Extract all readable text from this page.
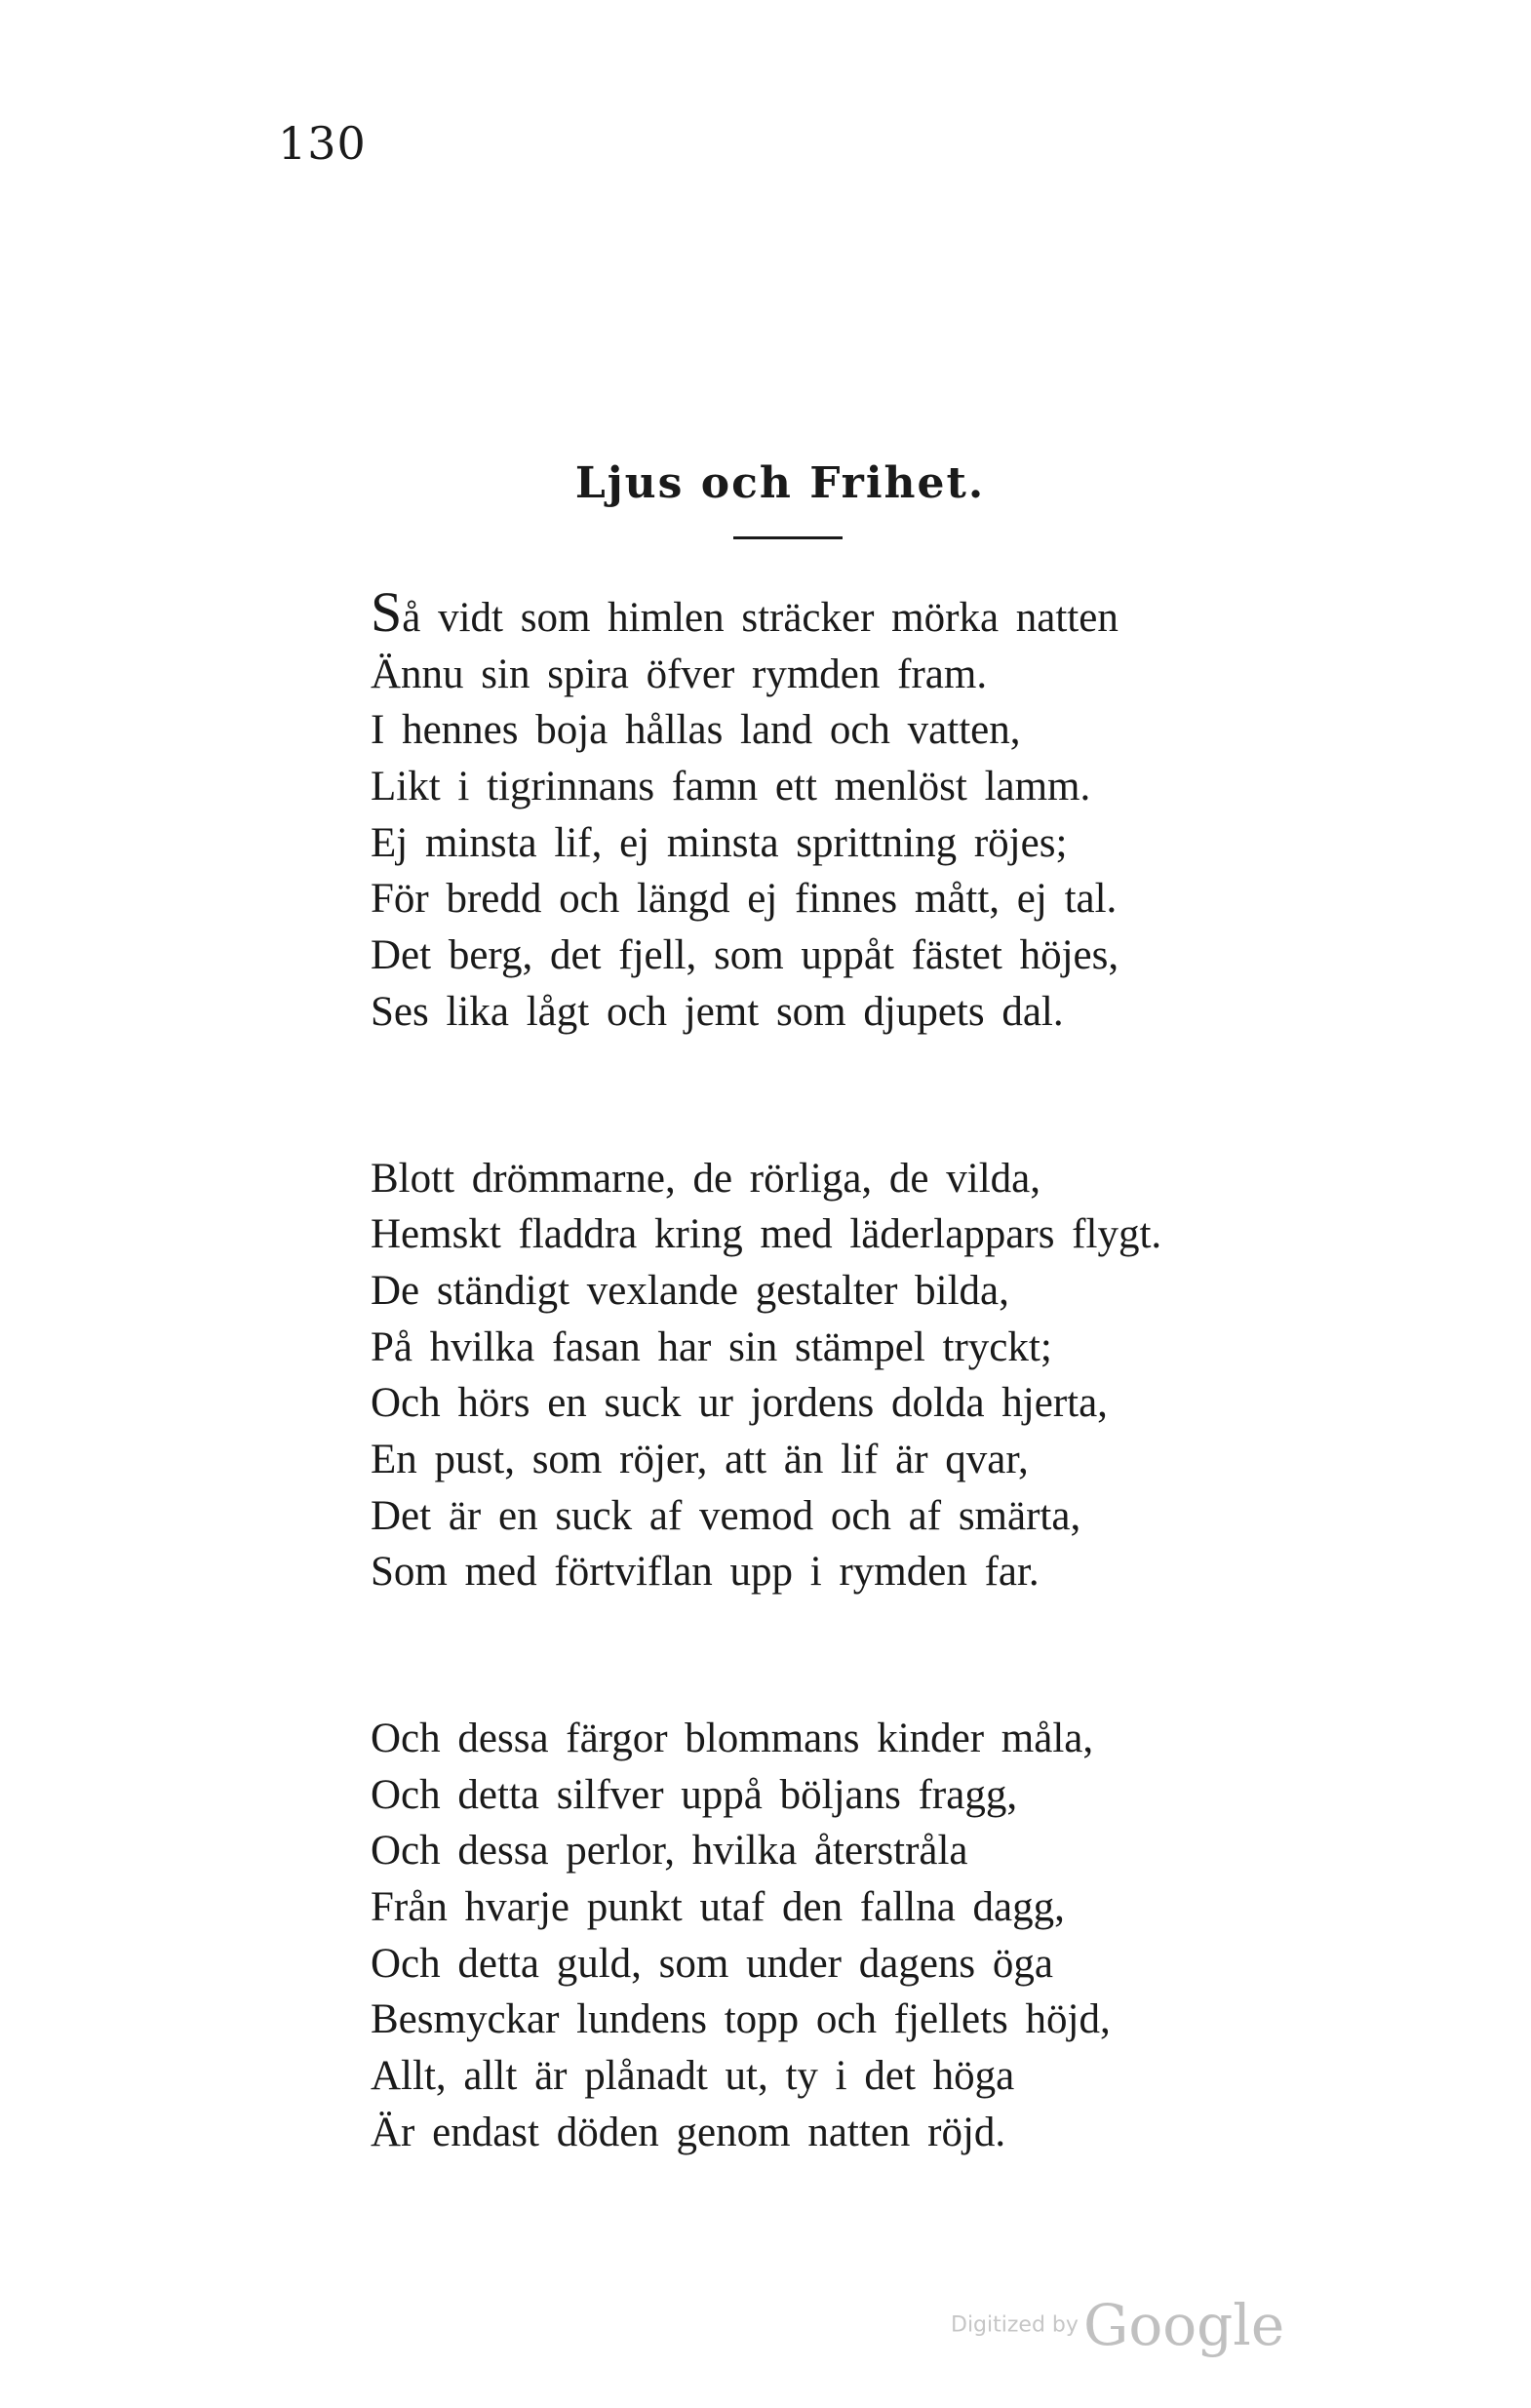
130
Ljus och Frihet.
Så vidt som himlen sträcker mörka natten
Ännu sin spira öfver rymden fram.
I hennes boja hållas land och vatten,
Likt i tigrinnans famn ett menlöst lamm.
Ej minsta lif, ej minsta sprittning röjes;
För bredd och längd ej finnes mått, ej tal.
Det berg, det fjell, som uppåt fästet höjes,
Ses lika lågt och jemt som djupets dal.
Blott drömmarne, de rörliga, de vilda,
Hemskt fladdra kring med läderlappars flygt.
De ständigt vexlande gestalter bilda,
På hvilka fasan har sin stämpel tryckt;
Och hörs en suck ur jordens dolda hjerta,
En pust, som röjer, att än lif är qvar,
Det är en suck af vemod och af smärta,
Som med förtviflan upp i rymden far.
Och dessa färgor blommans kinder måla,
Och detta silfver uppå böljans fragg,
Och dessa perlor, hvilka återstråla
Från hvarje punkt utaf den fallna dagg,
Och detta guld, som under dagens öga
Besmyckar lundens topp och fjellets höjd,
Allt, allt är plånadt ut, ty i det höga
Är endast döden genom natten röjd.
Digitized by Google
